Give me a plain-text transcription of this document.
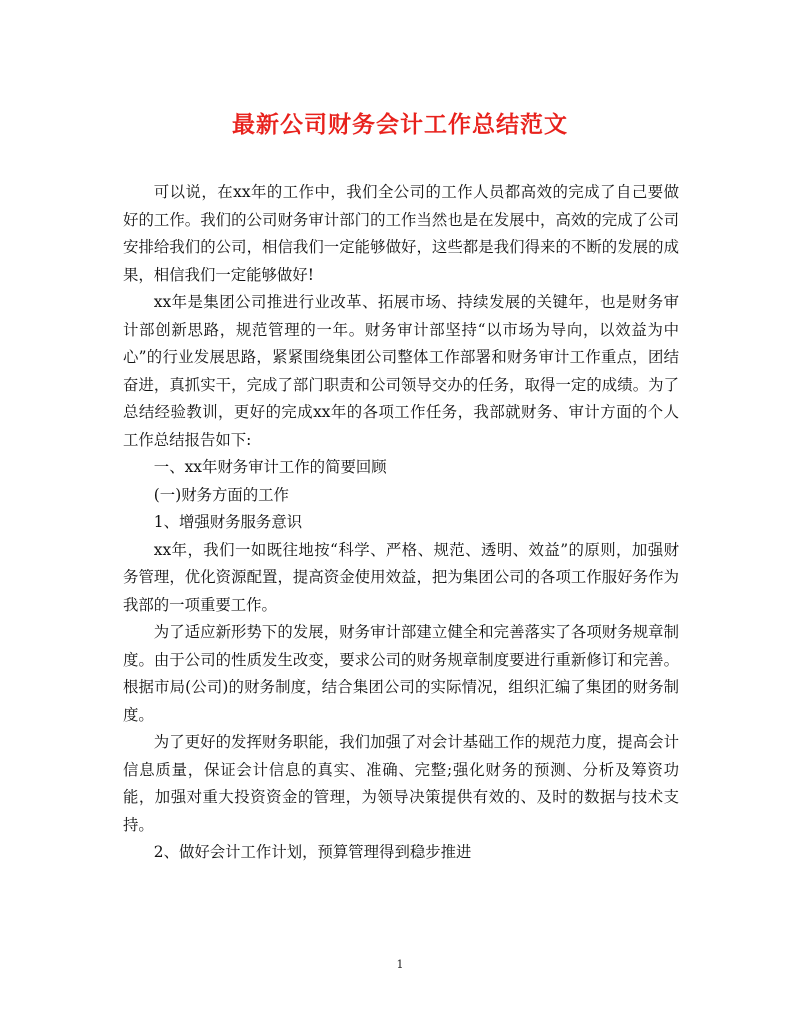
最新公司财务会计工作总结范文

可以说，在xx年的工作中，我们全公司的工作人员都高效的完成了自己要做好的工作。我们的公司财务审计部门的工作当然也是在发展中，高效的完成了公司安排给我们的公司，相信我们一定能够做好，这些都是我们得来的不断的发展的成果，相信我们一定能够做好!

xx年是集团公司推进行业改革、拓展市场、持续发展的关键年，也是财务审计部创新思路，规范管理的一年。财务审计部坚持“以市场为导向，以效益为中心”的行业发展思路，紧紧围绕集团公司整体工作部署和财务审计工作重点，团结奋进，真抓实干，完成了部门职责和公司领导交办的任务，取得一定的成绩。为了总结经验教训，更好的完成xx年的各项工作任务，我部就财务、审计方面的个人工作总结报告如下:

一、xx年财务审计工作的简要回顾

(一)财务方面的工作

1、增强财务服务意识

xx年，我们一如既往地按“科学、严格、规范、透明、效益”的原则，加强财务管理，优化资源配置，提高资金使用效益，把为集团公司的各项工作服好务作为我部的一项重要工作。

为了适应新形势下的发展，财务审计部建立健全和完善落实了各项财务规章制度。由于公司的性质发生改变，要求公司的财务规章制度要进行重新修订和完善。根据市局(公司)的财务制度，结合集团公司的实际情况，组织汇编了集团的财务制度。

为了更好的发挥财务职能，我们加强了对会计基础工作的规范力度，提高会计信息质量，保证会计信息的真实、准确、完整;强化财务的预测、分析及筹资功能，加强对重大投资资金的管理，为领导决策提供有效的、及时的数据与技术支持。

2、做好会计工作计划，预算管理得到稳步推进

1
